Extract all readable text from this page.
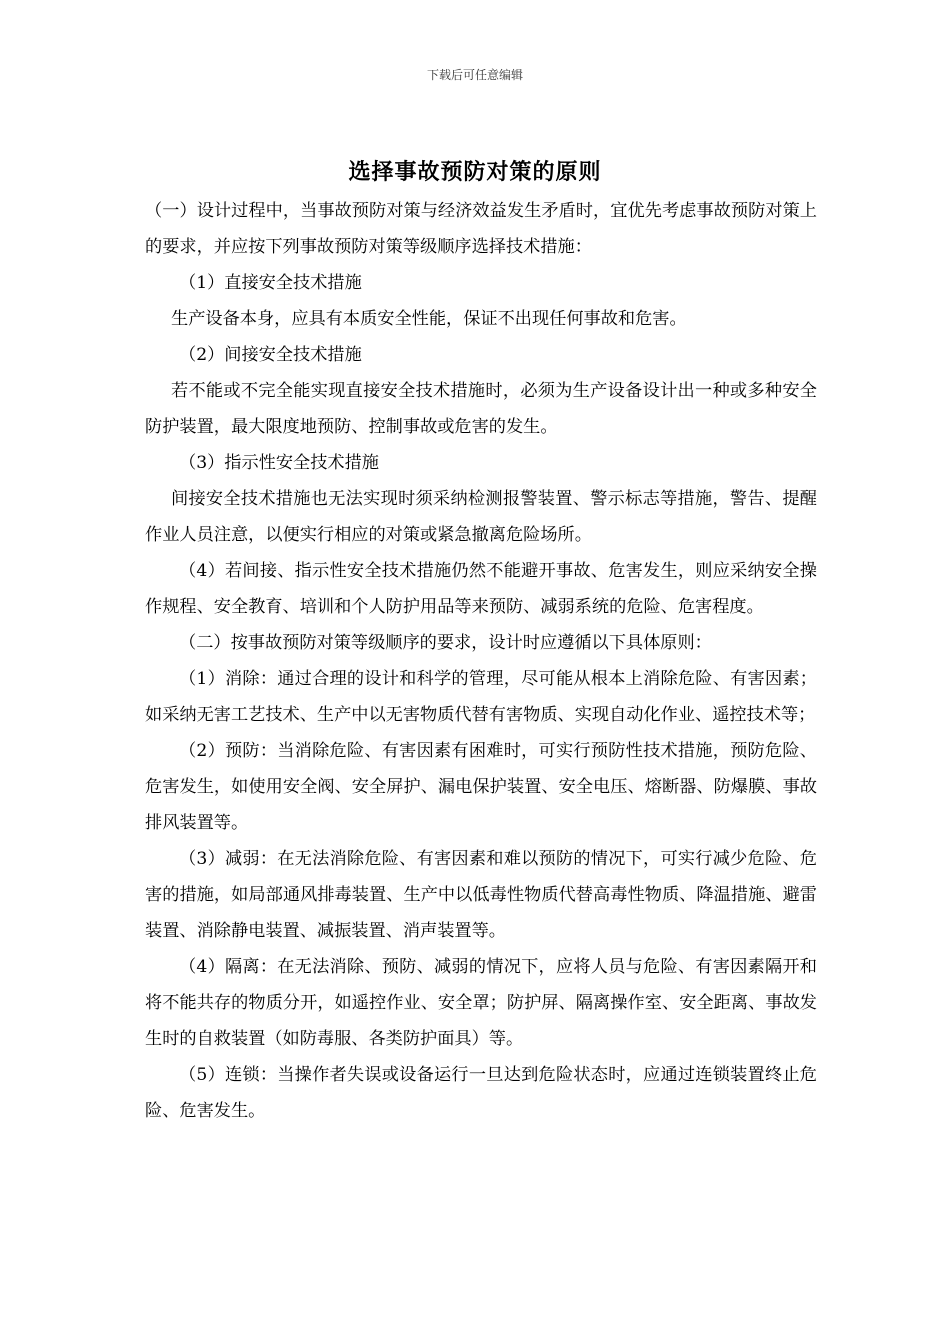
下载后可任意编辑
选择事故预防对策的原则

（一）设计过程中，当事故预防对策与经济效益发生矛盾时，宜优先考虑事故预防对策上的要求，并应按下列事故预防对策等级顺序选择技术措施：

（1）直接安全技术措施

生产设备本身，应具有本质安全性能，保证不出现任何事故和危害。

（2）间接安全技术措施

若不能或不完全能实现直接安全技术措施时，必须为生产设备设计出一种或多种安全防护装置，最大限度地预防、控制事故或危害的发生。

（3）指示性安全技术措施

间接安全技术措施也无法实现时须采纳检测报警装置、警示标志等措施，警告、提醒作业人员注意，以便实行相应的对策或紧急撤离危险场所。

（4）若间接、指示性安全技术措施仍然不能避开事故、危害发生，则应采纳安全操作规程、安全教育、培训和个人防护用品等来预防、减弱系统的危险、危害程度。

（二）按事故预防对策等级顺序的要求，设计时应遵循以下具体原则：

（1）消除：通过合理的设计和科学的管理，尽可能从根本上消除危险、有害因素；如采纳无害工艺技术、生产中以无害物质代替有害物质、实现自动化作业、遥控技术等；

（2）预防：当消除危险、有害因素有困难时，可实行预防性技术措施，预防危险、危害发生，如使用安全阀、安全屏护、漏电保护装置、安全电压、熔断器、防爆膜、事故排风装置等。

（3）减弱：在无法消除危险、有害因素和难以预防的情况下，可实行减少危险、危害的措施，如局部通风排毒装置、生产中以低毒性物质代替高毒性物质、降温措施、避雷装置、消除静电装置、减振装置、消声装置等。

（4）隔离：在无法消除、预防、减弱的情况下，应将人员与危险、有害因素隔开和将不能共存的物质分开，如遥控作业、安全罩；防护屏、隔离操作室、安全距离、事故发生时的自救装置（如防毒服、各类防护面具）等。

（5）连锁：当操作者失误或设备运行一旦达到危险状态时，应通过连锁装置终止危险、危害发生。
